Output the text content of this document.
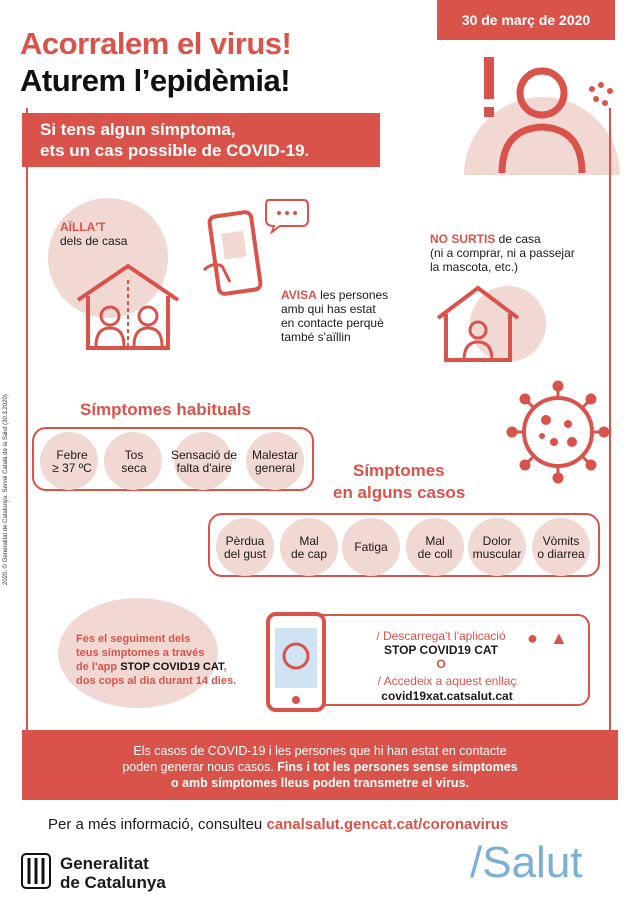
30 de març de 2020
Acorralem el virus!
Aturem l’epidèmia!
Si tens algun símptoma,
ets un cas possible de COVID-19.
AÏLLA'T
dels de casa
AVISA les persones
amb qui has estat
en contacte perquè
també s'aïllin
NO SURTIS de casa
(ni a comprar, ni a passejar
la mascota, etc.)
Símptomes habituals
Febre
≥ 37 ºC
Tos
seca
Sensació de
falta d'aire
Malestar
general	Símptomes
en alguns casos
Pèrdua
del gust
Mal
de cap	Fatiga	Mal
de coll
Dolor
muscular
Vòmits
o diarrea
Fes el seguiment dels
teus símptomes a través
de l'app STOP COVID19 CAT,
dos cops al dia durant 14 dies.
/ Descarrega't l'aplicació
STOP COVID19 CAT
O
● ▲
/ Accedeix a aquest enllaç
covid19xat.catsalut.cat
Els casos de COVID-19 i les persones que hi han estat en contacte
poden generar nous casos. Fins i tot les persones sense símptomes
o amb símptomes lleus poden transmetre el virus.
Per a més informació, consulteu canalsalut.gencat.cat/coronavirus
Generalitat
de Catalunya	/Salut
2020. © Generalitat de Catalunya. Servei Català de la Salut (30.3.2020)
